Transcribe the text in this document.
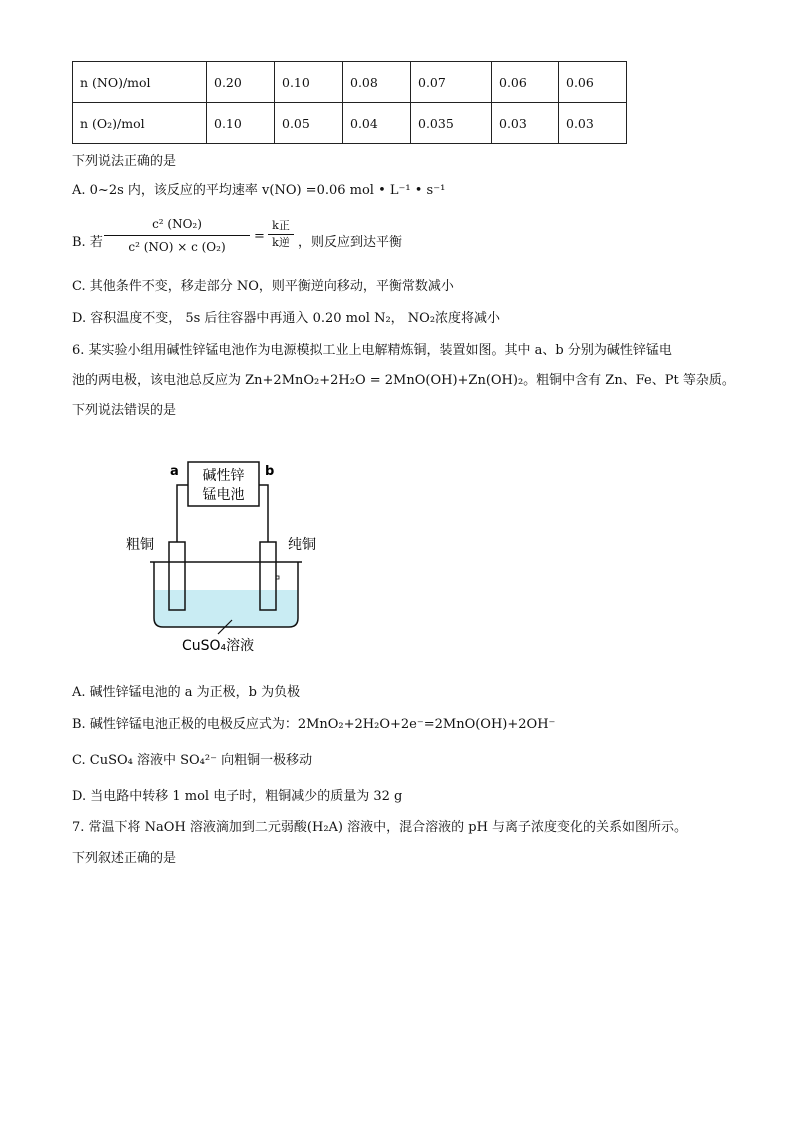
n (NO)/mol	0.20	0.10	0.08	0.07	0.06	0.06
n (O₂)/mol	0.10	0.05	0.04	0.035	0.03	0.03
下列说法正确的是
A. 0~2s 内，该反应的平均速率 v(NO) =0.06 mol • L⁻¹ • s⁻¹
B. 若
c² (NO₂)
c² (NO) × c (O₂)
=
k正
k逆 ，则反应到达平衡
C. 其他条件不变，移走部分 NO，则平衡逆向移动，平衡常数减小
D. 容积温度不变， 5s 后往容器中再通入 0.20 mol N₂， NO₂浓度将减小
6. 某实验小组用碱性锌锰电池作为电源模拟工业上电解精炼铜，装置如图。其中 a、b 分别为碱性锌锰电
池的两电极，该电池总反应为 Zn+2MnO₂+2H₂O = 2MnO(OH)+Zn(OH)₂。粗铜中含有 Zn、Fe、Pt 等杂质。
下列说法错误的是
碱性锌
锰电池
a	b
粗铜	纯铜
CuSO₄溶液
A. 碱性锌锰电池的 a 为正极，b 为负极
B. 碱性锌锰电池正极的电极反应式为：2MnO₂+2H₂O+2e⁻=2MnO(OH)+2OH⁻
C. CuSO₄ 溶液中 SO₄²⁻ 向粗铜一极移动
D. 当电路中转移 1 mol 电子时，粗铜减少的质量为 32 g
7. 常温下将 NaOH 溶液滴加到二元弱酸(H₂A) 溶液中，混合溶液的 pH 与离子浓度变化的关系如图所示。
下列叙述正确的是
